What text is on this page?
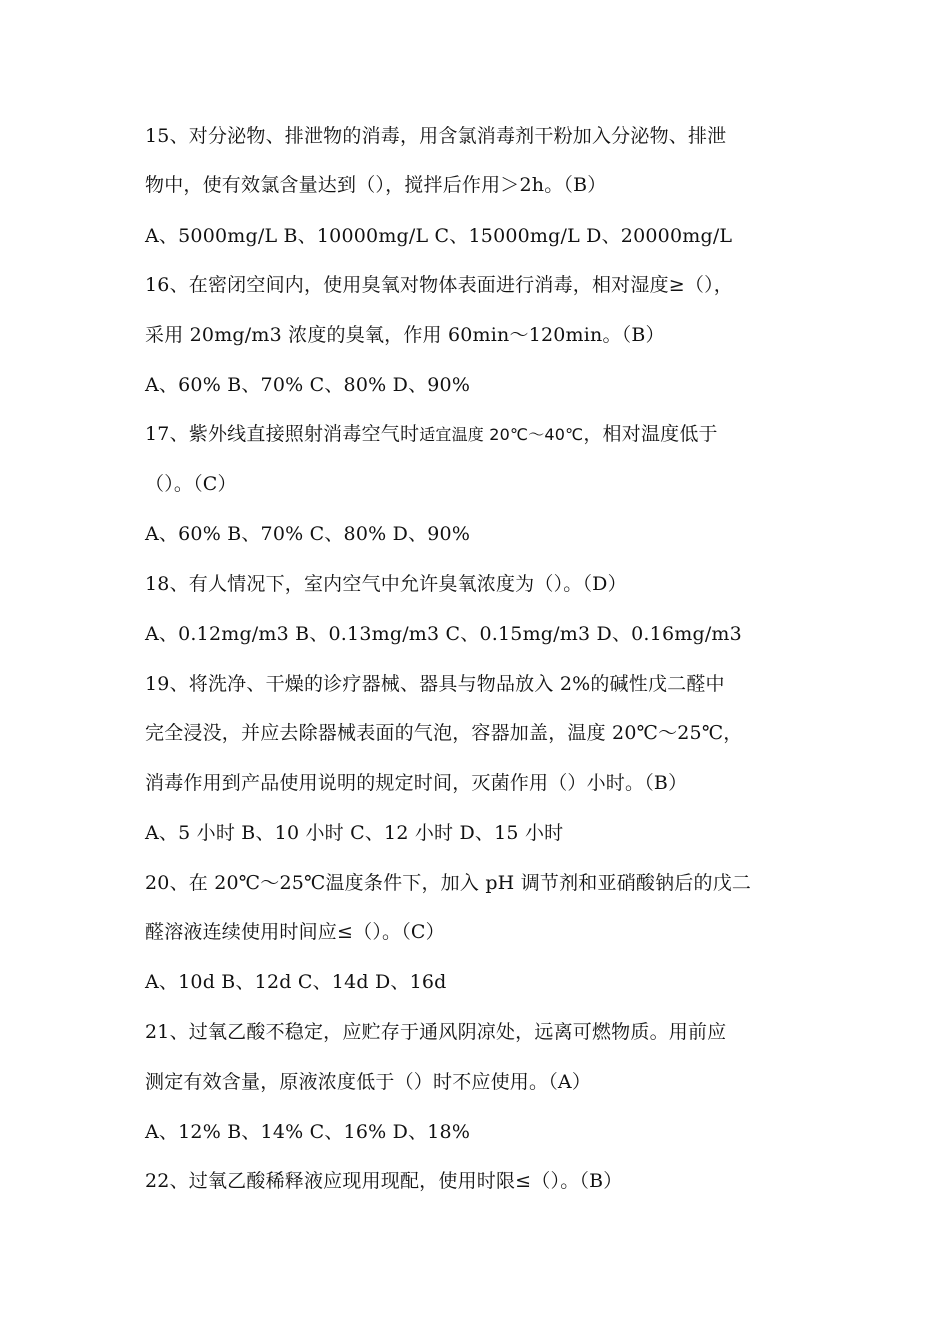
15、对分泌物、排泄物的消毒，用含氯消毒剂干粉加入分泌物、排泄
物中，使有效氯含量达到（），搅拌后作用＞2h。（B）
A、5000mg/L B、10000mg/L C、15000mg/L D、20000mg/L
16、在密闭空间内，使用臭氧对物体表面进行消毒，相对湿度≥（），
采用 20mg/m3 浓度的臭氧，作用 60min～120min。（B）
A、60% B、70% C、80% D、90%
17、紫外线直接照射消毒空气时适宜温度 20℃～40℃，相对温度低于
（）。（C）
A、60% B、70% C、80% D、90%
18、有人情况下，室内空气中允许臭氧浓度为（）。（D）
A、0.12mg/m3 B、0.13mg/m3 C、0.15mg/m3 D、0.16mg/m3
19、将洗净、干燥的诊疗器械、器具与物品放入 2%的碱性戊二醛中
完全浸没，并应去除器械表面的气泡，容器加盖，温度 20℃～25℃，
消毒作用到产品使用说明的规定时间，灭菌作用（）小时。（B）
A、5 小时 B、10 小时 C、12 小时 D、15 小时
20、在 20℃～25℃温度条件下，加入 pH 调节剂和亚硝酸钠后的戊二
醛溶液连续使用时间应≤（）。（C）
A、10d B、12d C、14d D、16d
21、过氧乙酸不稳定，应贮存于通风阴凉处，远离可燃物质。用前应
测定有效含量，原液浓度低于（）时不应使用。（A）
A、12% B、14% C、16% D、18%
22、过氧乙酸稀释液应现用现配，使用时限≤（）。（B）
